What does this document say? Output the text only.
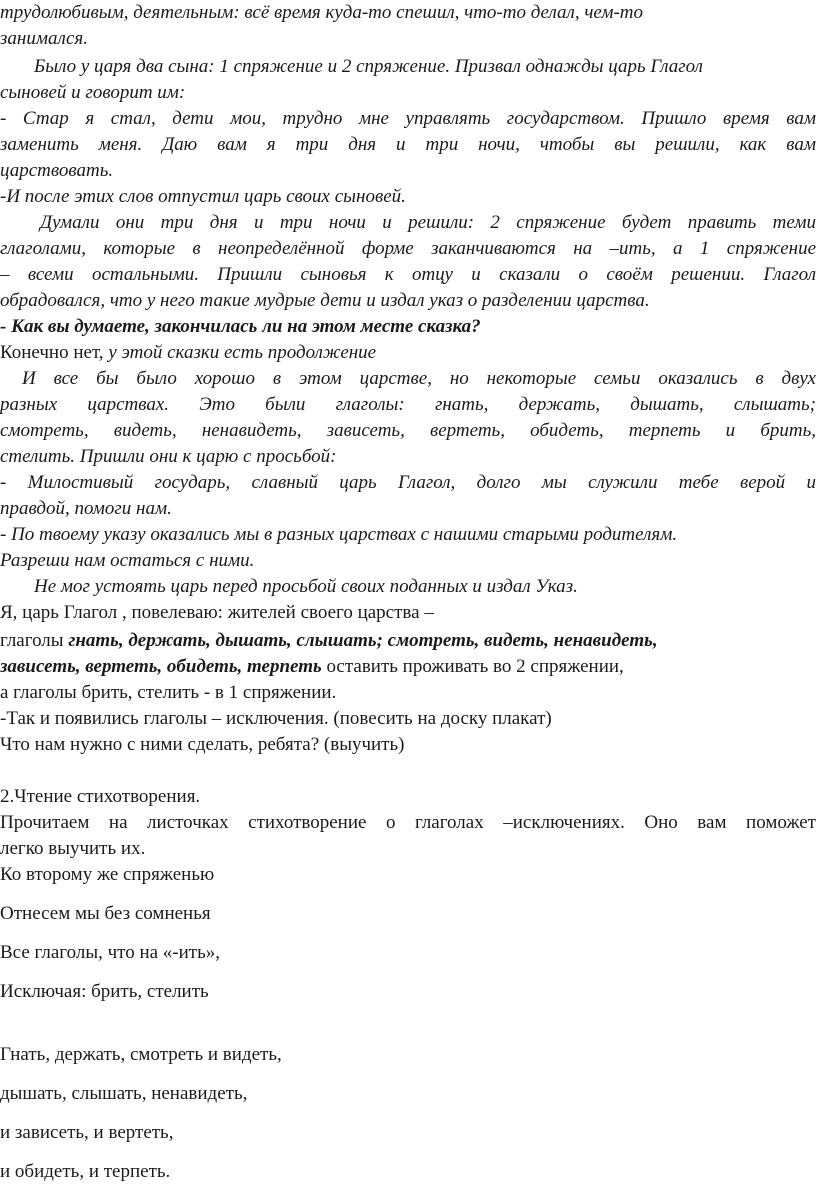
трудолюбивым, деятельным: всё время куда-то спешил, что-то делал, чем-то
занимался.
Было у царя два сына: 1 спряжение и 2 спряжение. Призвал однажды царь Глагол
сыновей и говорит им:
- Стар я стал, дети мои, трудно мне управлять государством. Пришло время вам
заменить меня. Даю вам я три дня и три ночи, чтобы вы решили, как вам
царствовать.
-И после этих слов отпустил царь своих сыновей.
Думали они три дня и три ночи и решили: 2 спряжение будет править теми
глаголами, которые в неопределённой форме заканчиваются на –ить, а 1 спряжение
– всеми остальными. Пришли сыновья к отцу и сказали о своём решении. Глагол
обрадовался, что у него такие мудрые дети и издал указ о разделении царства.
- Как вы думаете, закончилась ли на этом месте сказка?
Конечно нет, у этой сказки есть продолжение
И все бы было хорошо в этом царстве, но некоторые семьи оказались в двух
разных царствах. Это были глаголы: гнать, держать, дышать, слышать;
смотреть, видеть, ненавидеть, зависеть, вертеть, обидеть, терпеть и брить,
стелить. Пришли они к царю с просьбой:
- Милостивый государь, славный царь Глагол, долго мы служили тебе верой и
правдой, помоги нам.
- По твоему указу оказались мы в разных царствах с нашими старыми родителям.
Разреши нам остаться с ними.
Не мог устоять царь перед просьбой своих поданных и издал Указ.
Я, царь Глагол , повелеваю: жителей своего царства –
глаголы гнать, держать, дышать, слышать; смотреть, видеть, ненавидеть,
зависеть, вертеть, обидеть, терпеть оставить проживать во 2 спряжении,
а глаголы брить, стелить - в 1 спряжении.
-Так и появились глаголы – исключения. (повесить на доску плакат)
Что нам нужно с ними сделать, ребята? (выучить)
2.Чтение стихотворения.
Прочитаем на листочках стихотворение о глаголах –исключениях. Оно вам поможет
легко выучить их.
Ко второму же спряженью
Отнесем мы без сомненья
Все глаголы, что на «-ить»,
Исключая: брить, стелить
Гнать, держать, смотреть и видеть,
дышать, слышать, ненавидеть,
и зависеть, и вертеть,
и обидеть, и терпеть.
